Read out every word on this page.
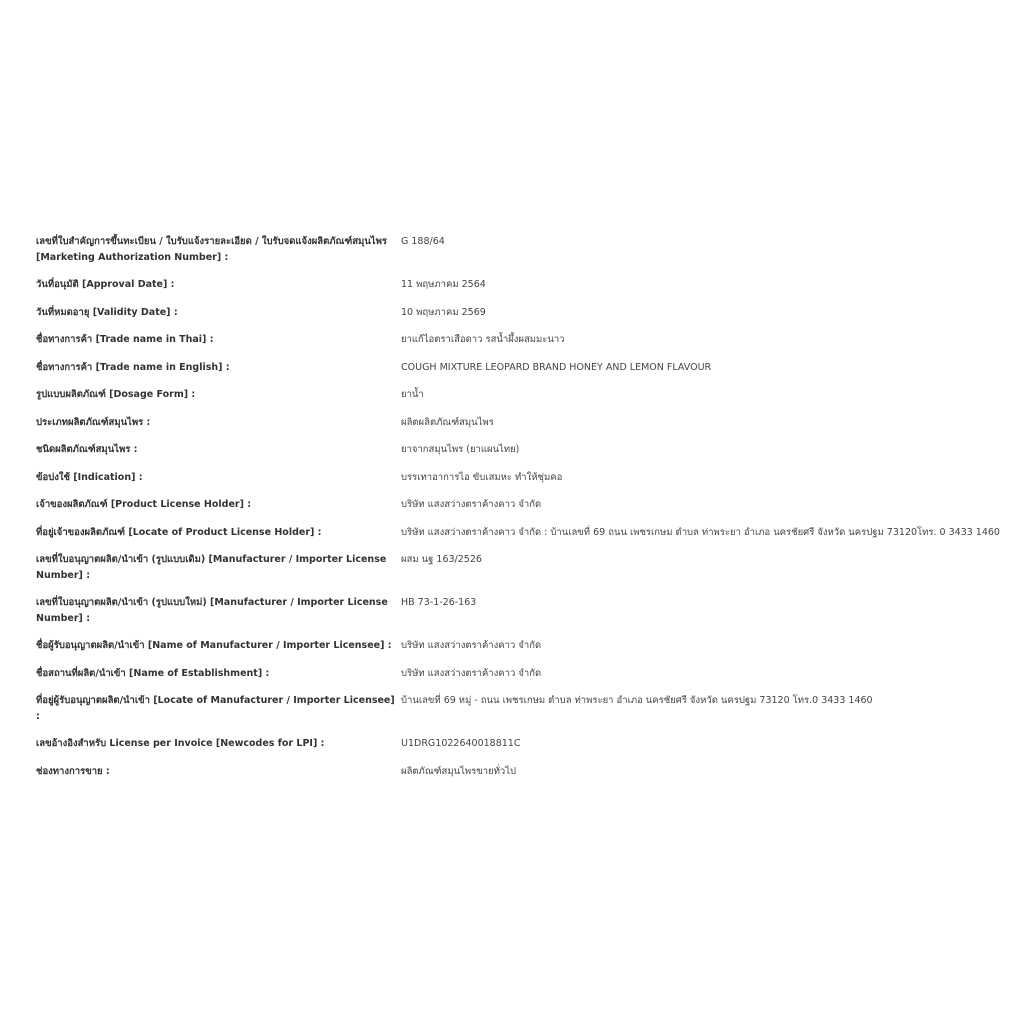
เลขที่ใบสำคัญการขึ้นทะเบียน / ใบรับแจ้งรายละเอียด / ใบรับจดแจ้งผลิตภัณฑ์สมุนไพร [Marketing Authorization Number] :
G 188/64
วันที่อนุมัติ [Approval Date] :	11 พฤษภาคม 2564
วันที่หมดอายุ [Validity Date] :	10 พฤษภาคม 2569
ชื่อทางการค้า [Trade name in Thai] :	ยาแก้ไอตราเสือดาว รสน้ำผึ้งผสมมะนาว
ชื่อทางการค้า [Trade name in English] :	COUGH MIXTURE LEOPARD BRAND HONEY AND LEMON FLAVOUR
รูปแบบผลิตภัณฑ์ [Dosage Form] :	ยาน้ำ
ประเภทผลิตภัณฑ์สมุนไพร :	ผลิตผลิตภัณฑ์สมุนไพร
ชนิดผลิตภัณฑ์สมุนไพร :	ยาจากสมุนไพร (ยาแผนไทย)
ข้อบ่งใช้ [Indication] :	บรรเทาอาการไอ ขับเสมหะ ทำให้ชุ่มคอ
เจ้าของผลิตภัณฑ์ [Product License Holder] :	บริษัท แสงสว่างตราค้างคาว จำกัด
ที่อยู่เจ้าของผลิตภัณฑ์ [Locate of Product License Holder] :	บริษัท แสงสว่างตราค้างคาว จำกัด : บ้านเลขที่ 69 ถนน เพชรเกษม ตำบล ท่าพระยา อำเภอ นครชัยศรี จังหวัด นครปฐม 73120โทร. 0 3433 1460
เลขที่ใบอนุญาตผลิต/นำเข้า (รูปแบบเดิม) [Manufacturer / Importer License Number] :
ผสม นฐ 163/2526
เลขที่ใบอนุญาตผลิต/นำเข้า (รูปแบบใหม่) [Manufacturer / Importer License Number] :
HB 73-1-26-163
ชื่อผู้รับอนุญาตผลิต/นำเข้า [Name of Manufacturer / Importer Licensee] : บริษัท แสงสว่างตราค้างคาว จำกัด
ชื่อสถานที่ผลิต/นำเข้า [Name of Establishment] :	บริษัท แสงสว่างตราค้างคาว จำกัด
ที่อยู่ผู้รับอนุญาตผลิต/นำเข้า [Locate of Manufacturer / Importer Licensee] :
บ้านเลขที่ 69 หมู่ - ถนน เพชรเกษม ตำบล ท่าพระยา อำเภอ นครชัยศรี จังหวัด นครปฐม 73120 โทร.0 3433 1460
เลขอ้างอิงสำหรับ License per Invoice [Newcodes for LPI] :	U1DRG1022640018811C
ช่องทางการขาย :	ผลิตภัณฑ์สมุนไพรขายทั่วไป
